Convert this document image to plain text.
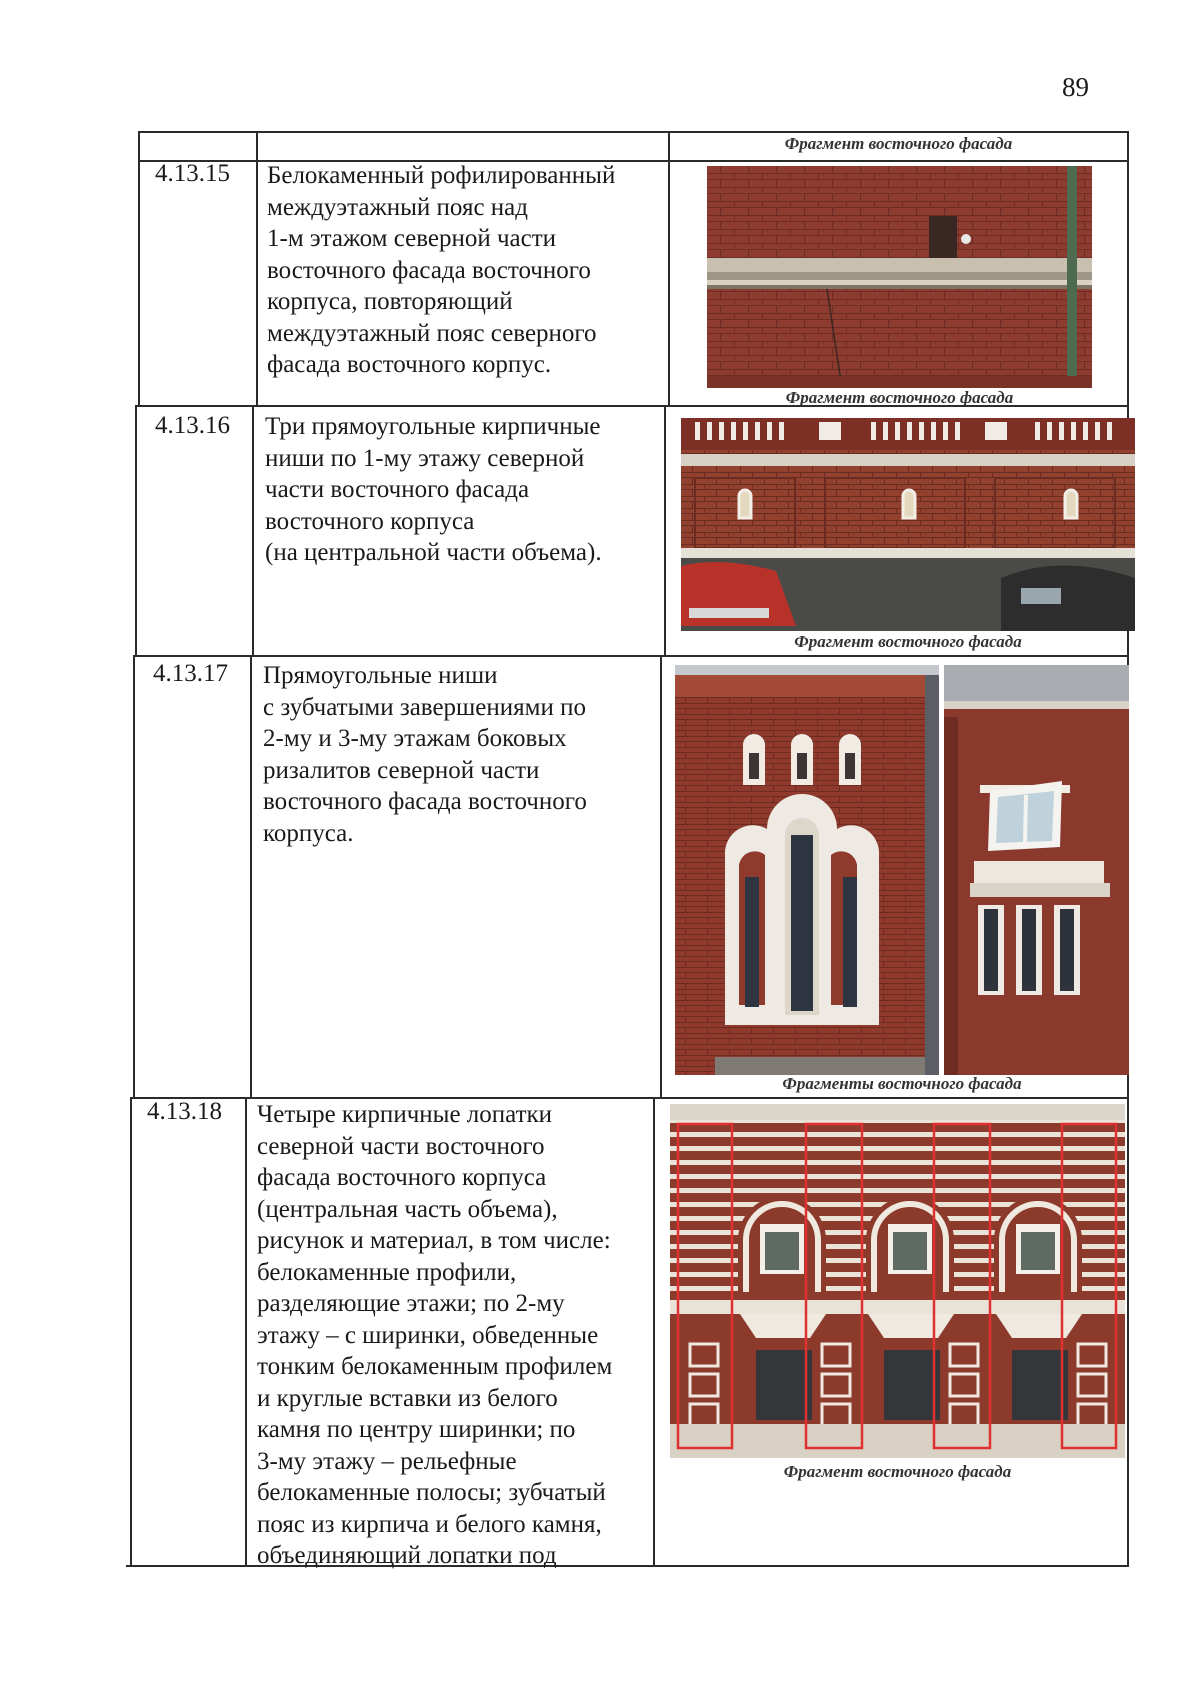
89
4.13.15 Белокаменный рофилированный
междуэтажный пояс над
1-м этажом северной части
восточного фасада восточного
корпуса, повторяющий
междуэтажный пояс северного
фасада восточного корпус.
Фрагмент восточного фасада
Фрагмент восточного фасада
4.13.16 Три прямоугольные кирпичные
ниши по 1-му этажу северной
части восточного фасада
восточного корпуса
(на центральной части объема).
Фрагмент восточного фасада
4.13.17 Прямоугольные ниши
с зубчатыми завершениями по
2-му и 3-му этажам боковых
ризалитов северной части
восточного фасада восточного
корпуса.
Фрагменты восточного фасада
4.13.18 Четыре кирпичные лопатки
северной части восточного
фасада восточного корпуса
(центральная часть объема),
рисунок и материал, в том числе:
белокаменные профили,
разделяющие этажи; по 2-му
этажу – с ширинки, обведенные
тонким белокаменным профилем
и круглые вставки из белого
камня по центру ширинки; по
3-му этажу – рельефные
белокаменные полосы; зубчатый
пояс из кирпича и белого камня,
объединяющий лопатки под
Фрагмент восточного фасада
